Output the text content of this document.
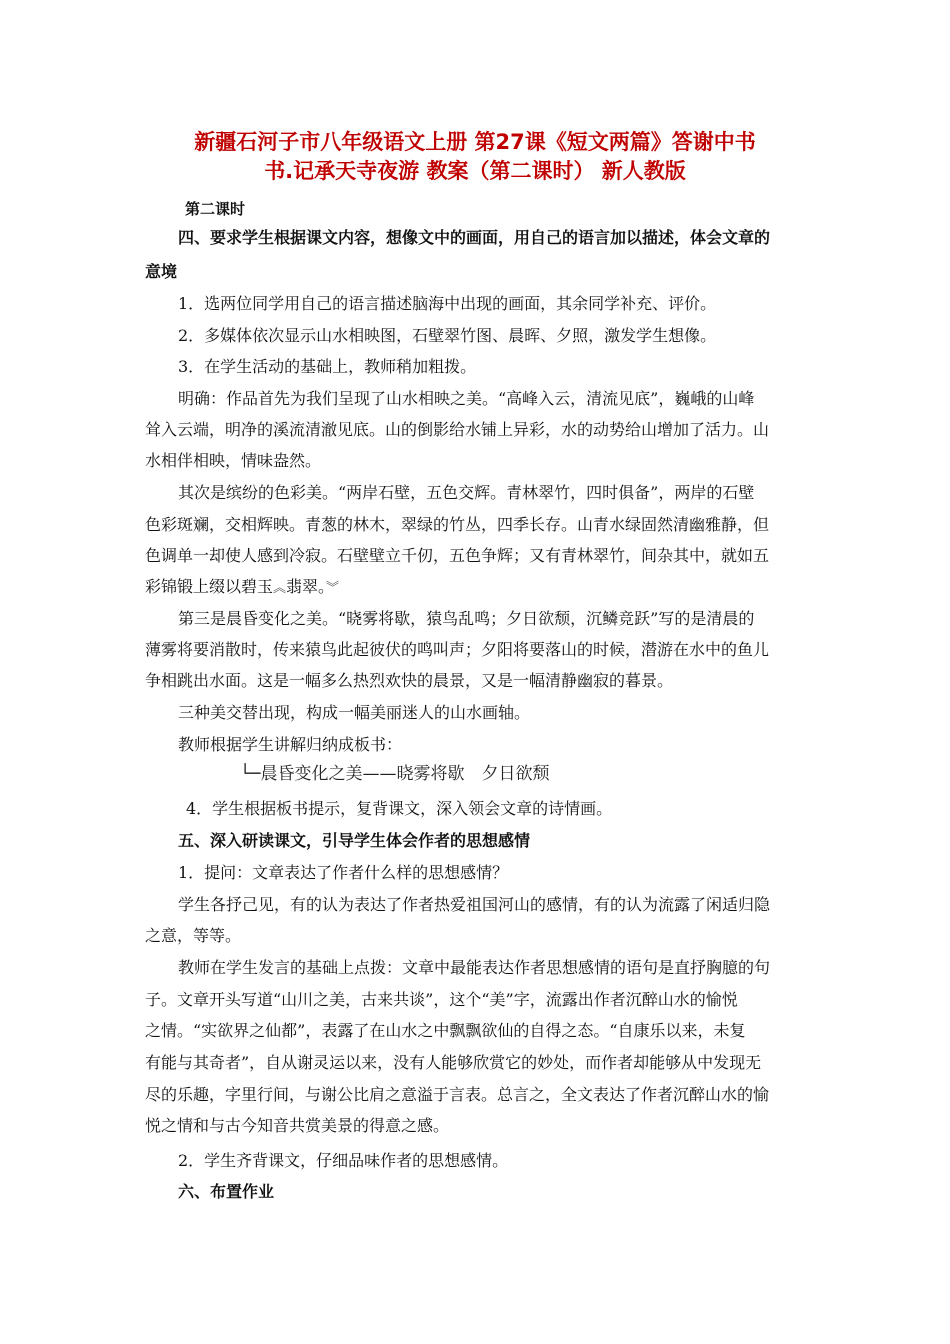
新疆石河子市八年级语文上册 第27课《短文两篇》答谢中书
书.记承天寺夜游 教案（第二课时） 新人教版
第二课时
四、要求学生根据课文内容，想像文中的画面，用自己的语言加以描述，体会文章的
意境
1．选两位同学用自己的语言描述脑海中出现的画面，其余同学补充、评价。
2．多媒体依次显示山水相映图，石壁翠竹图、晨晖、夕照，激发学生想像。
3．在学生活动的基础上，教师稍加粗拨。
明确：作品首先为我们呈现了山水相映之美。“高峰入云，清流见底”，巍峨的山峰
耸入云端，明净的溪流清澈见底。山的倒影给水铺上异彩，水的动势给山增加了活力。山
水相伴相映，情味盎然。
其次是缤纷的色彩美。“两岸石壁，五色交辉。青林翠竹，四时俱备”，两岸的石壁
色彩斑斓，交相辉映。青葱的林木，翠绿的竹丛，四季长存。山青水绿固然清幽雅静，但
色调单一却使人感到冷寂。石壁壁立千仞，五色争辉；又有青林翠竹，间杂其中，就如五
彩锦锻上缀以碧玉︽翡翠。︾
第三是晨昏变化之美。“晓雾将歇，猿鸟乱鸣；夕日欲颓，沉鳞竞跃”写的是清晨的
薄雾将要消散时，传来猿鸟此起彼伏的鸣叫声；夕阳将要落山的时候，潜游在水中的鱼儿
争相跳出水面。这是一幅多么热烈欢快的晨景，又是一幅清静幽寂的暮景。
三种美交替出现，构成一幅美丽迷人的山水画轴。
教师根据学生讲解归纳成板书：
└─晨昏变化之美——晓雾将歇　夕日欲颓
4．学生根据板书提示，复背课文，深入领会文章的诗情画。
五、深入研读课文，引导学生体会作者的思想感情
1．提问：文章表达了作者什么样的思想感情？
学生各抒己见，有的认为表达了作者热爱祖国河山的感情，有的认为流露了闲适归隐
之意，等等。
教师在学生发言的基础上点拨：文章中最能表达作者思想感情的语句是直抒胸臆的句
子。文章开头写道“山川之美，古来共谈”，这个“美”字，流露出作者沉醉山水的愉悦
之情。“实欲界之仙都”，表露了在山水之中飘飘欲仙的自得之态。“自康乐以来，未复
有能与其奇者”，自从谢灵运以来，没有人能够欣赏它的妙处，而作者却能够从中发现无
尽的乐趣，字里行间，与谢公比肩之意溢于言表。总言之，全文表达了作者沉醉山水的愉
悦之情和与古今知音共赏美景的得意之感。
2．学生齐背课文，仔细品味作者的思想感情。
六、布置作业
